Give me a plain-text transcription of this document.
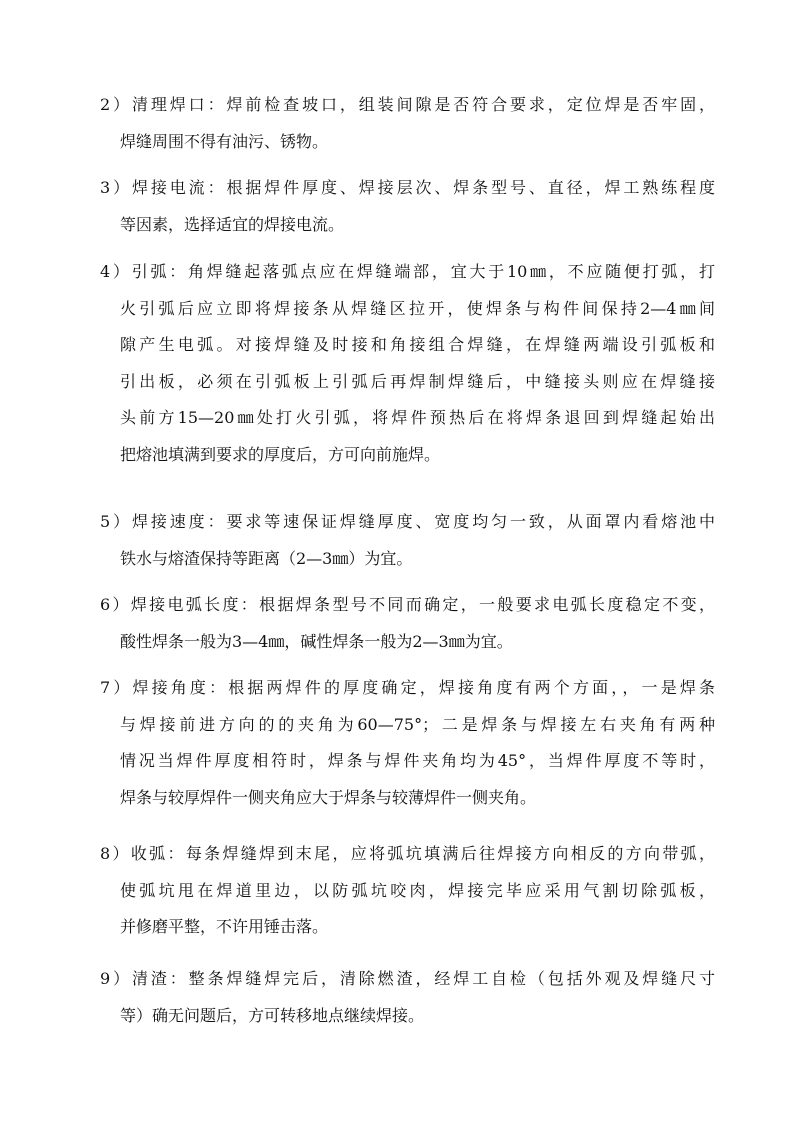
2）清理焊口：焊前检查坡口，组装间隙是否符合要求，定位焊是否牢固，
焊缝周围不得有油污、锈物。
3）焊接电流：根据焊件厚度、焊接层次、焊条型号、直径，焊工熟练程度
等因素，选择适宜的焊接电流。
4）引弧：角焊缝起落弧点应在焊缝端部，宜大于10㎜，不应随便打弧，打
火引弧后应立即将焊接条从焊缝区拉开，使焊条与构件间保持2—4㎜间
隙产生电弧。对接焊缝及时接和角接组合焊缝，在焊缝两端设引弧板和
引出板，必须在引弧板上引弧后再焊制焊缝后，中缝接头则应在焊缝接
头前方15—20㎜处打火引弧，将焊件预热后在将焊条退回到焊缝起始出
把熔池填满到要求的厚度后，方可向前施焊。
5）焊接速度：要求等速保证焊缝厚度、宽度均匀一致，从面罩内看熔池中
铁水与熔渣保持等距离（2—3㎜）为宜。
6）焊接电弧长度：根据焊条型号不同而确定，一般要求电弧长度稳定不变，
酸性焊条一般为3—4㎜，碱性焊条一般为2—3㎜为宜。
7）焊接角度：根据两焊件的厚度确定，焊接角度有两个方面，，一是焊条
与焊接前进方向的的夹角为60—75°；二是焊条与焊接左右夹角有两种
情况当焊件厚度相符时，焊条与焊件夹角均为45°，当焊件厚度不等时，
焊条与较厚焊件一侧夹角应大于焊条与较薄焊件一侧夹角。
8）收弧：每条焊缝焊到末尾，应将弧坑填满后往焊接方向相反的方向带弧，
使弧坑甩在焊道里边，以防弧坑咬肉，焊接完毕应采用气割切除弧板，
并修磨平整，不许用锤击落。
9）清渣：整条焊缝焊完后，清除燃渣，经焊工自检（包括外观及焊缝尺寸
等）确无问题后，方可转移地点继续焊接。
